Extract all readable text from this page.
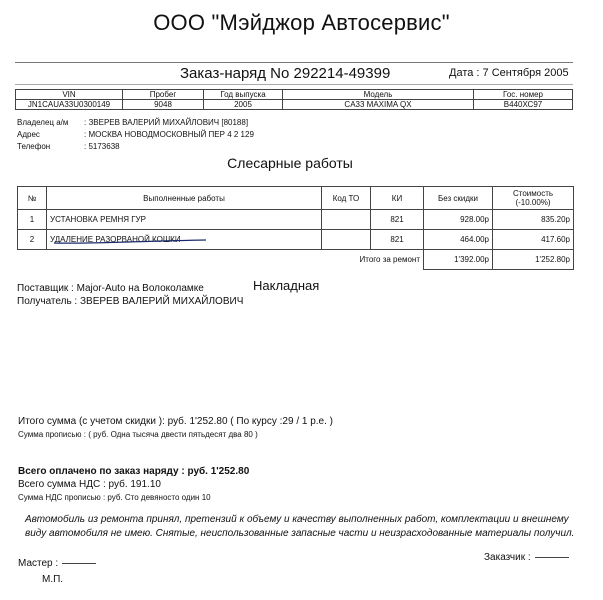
ООО "Мэйджор Автосервис"
Заказ-наряд No 292214-49399	Дата : 7 Сентября 2005
VIN	Пробег	Год выпуска	Модель	Гос. номер
JN1CAUA33U0300149	9048	2005	CA33 MAXIMA QX	В440ХС97
Владелец а/м : ЗВЕРЕВ ВАЛЕРИЙ МИХАЙЛОВИЧ [80188]
Адрес	: МОСКВА НОВОДМОСКОВНЫЙ ПЕР 4 2 129
Телефон	: 5173638
Слесарные работы
№	Выполненные работы	Код ТО	КИ	Без скидки	Стоимость
(-10.00%)
1	УСТАНОВКА РЕМНЯ ГУР		821	928.00р	835.20р
2	УДАЛЕНИЕ РАЗОРВАНОЙ КОШКИ		821	464.00р	417.60р
Итого за ремонт				1'392.00р	1'252.80р
Поставщик : Major-Auto на Волоколамке
Получатель : ЗВЕРЕВ ВАЛЕРИЙ МИХАЙЛОВИЧ
Накладная
Итого сумма (с учетом скидки ): руб. 1'252.80 ( По курсу :29 / 1 р.е. )
Сумма прописью : ( руб. Одна тысяча двести пятьдесят два 80 )
Всего оплачено по заказ наряду : руб. 1'252.80
Всего сумма НДС : руб. 191.10
Сумма НДС прописью : руб. Сто девяносто один 10
Автомобиль из ремонта принял, претензий к объему и качеству выполненных работ, комплектации и внешнему виду автомобиля не имею. Снятые, неиспользованные запасные части и неизрасходованные материалы получил.
Мастер :
М.П.
Заказчик :
